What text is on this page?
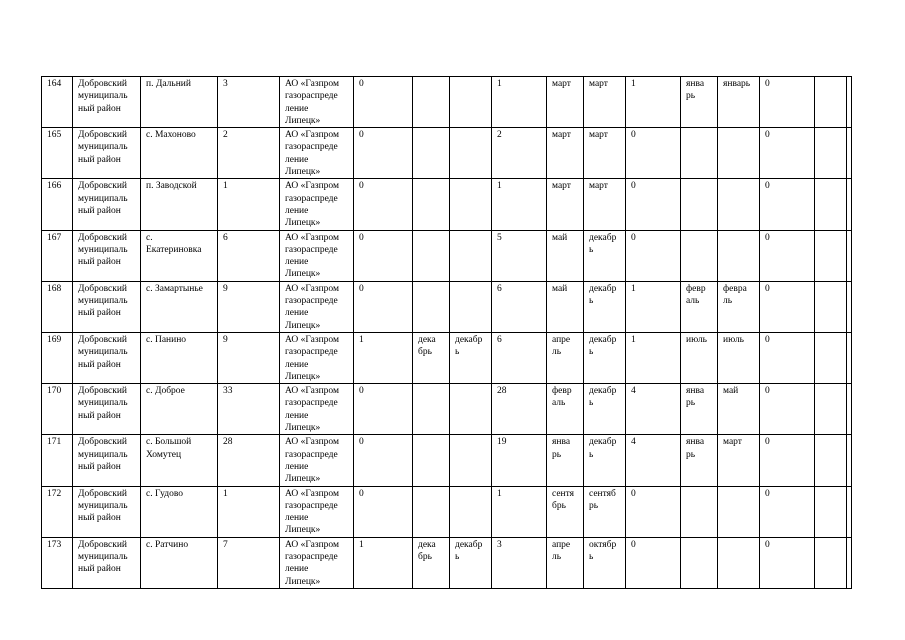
164	Добровский
муниципаль
ный район	п. Дальний	3	АО «Газпром
газораспреде
ление
Липецк»	0			1	март	март	1	янва
рь	январь	0		
165	Добровский
муниципаль
ный район	с. Махоново	2	АО «Газпром
газораспреде
ление
Липецк»	0			2	март	март	0			0		
166	Добровский
муниципаль
ный район	п. Заводской	1	АО «Газпром
газораспреде
ление
Липецк»	0			1	март	март	0			0		
167	Добровский
муниципаль
ный район	с.
Екатериновка	6	АО «Газпром
газораспреде
ление
Липецк»	0			5	май	декабр
ь	0			0		
168	Добровский
муниципаль
ный район	с. Замартынье	9	АО «Газпром
газораспреде
ление
Липецк»	0			6	май	декабр
ь	1	февр
аль	февра
ль	0		
169	Добровский
муниципаль
ный район	с. Панино	9	АО «Газпром
газораспреде
ление
Липецк»	1	дека
брь	декабр
ь	6	апре
ль	декабр
ь	1	июль	июль	0		
170	Добровский
муниципаль
ный район	с. Доброе	33	АО «Газпром
газораспреде
ление
Липецк»	0			28	февр
аль	декабр
ь	4	янва
рь	май	0		
171	Добровский
муниципаль
ный район	с. Большой
Хомутец	28	АО «Газпром
газораспреде
ление
Липецк»	0			19	янва
рь	декабр
ь	4	янва
рь	март	0		
172	Добровский
муниципаль
ный район	с. Гудово	1	АО «Газпром
газораспреде
ление
Липецк»	0			1	сентя
брь	сентяб
рь	0			0		
173	Добровский
муниципаль
ный район	с. Ратчино	7	АО «Газпром
газораспреде
ление
Липецк»	1	дека
брь	декабр
ь	3	апре
ль	октябр
ь	0			0		
